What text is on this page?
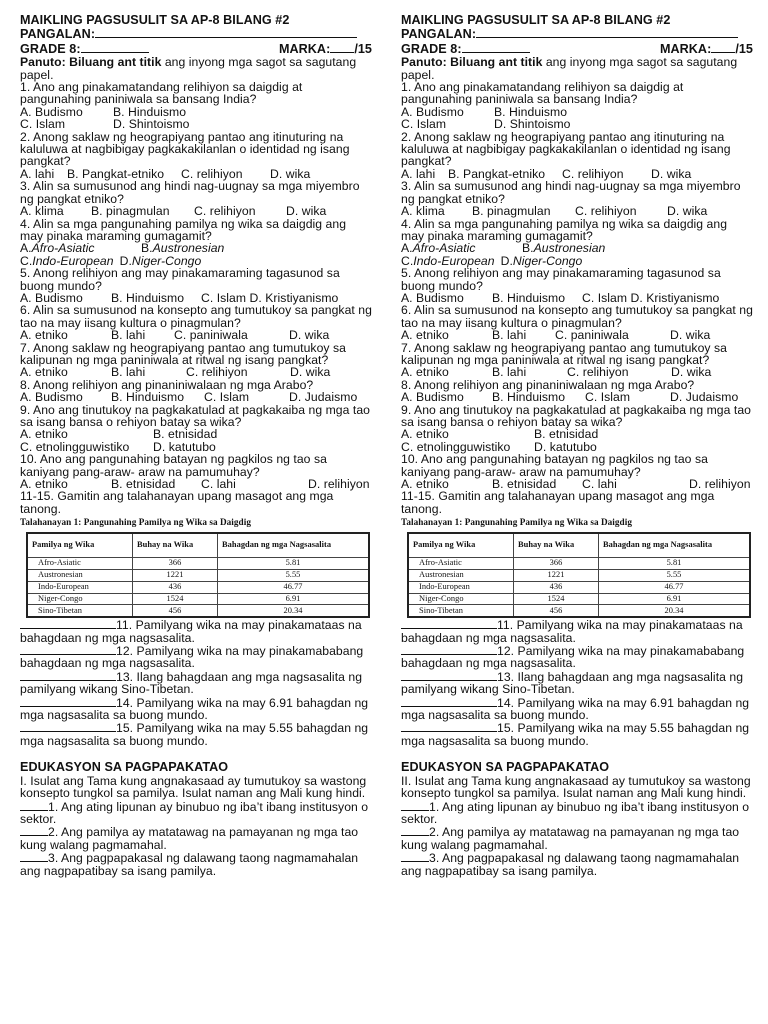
MAIKLING PAGSUSULIT SA AP-8 BILANG #2
PANGALAN:
GRADE 8:	MARKA: /15
Panuto: Biluang ant titik ang inyong mga sagot sa sagutang papel.
1. Ano ang pinakamatandang relihiyon sa daigdig at pangunahing paniniwala sa bansang India?
A. Budismo	B. Hinduismo
C. Islam	D. Shintoismo
2. Anong saklaw ng heograpiyang pantao ang itinuturing na kaluluwa at nagbibigay pagkakakilanlan o identidad ng isang pangkat?
A. lahi	B. Pangkat-etniko	C. relihiyon	D. wika
3. Alin sa sumusunod ang hindi nag-uugnay sa mga miyembro ng pangkat etniko?
A. klima	B. pinagmulan	C. relihiyon	D. wika
4. Alin sa mga pangunahing pamilya ng wika sa daigdig ang may pinaka maraming gumagamit?
A.Afro-Asiatic	B.Austronesian
C.Indo-European D.Niger-Congo
5. Anong relihiyon ang may pinakamaraming tagasunod sa buong mundo?
A. Budismo	B. Hinduismo	C. Islam D. Kristiyanismo
6. Alin sa sumusunod na konsepto ang tumutukoy sa pangkat ng tao na may iisang kultura o pinagmulan?
A. etniko	B. lahi	C. paniniwala	D. wika
7. Anong saklaw ng heograpiyang pantao ang tumutukoy sa kalipunan ng mga paniniwala at ritwal ng isang pangkat?
A. etniko	B. lahi	C. relihiyon	D. wika
8. Anong relihiyon ang pinaniniwalaan ng mga Arabo?
A. Budismo	B. Hinduismo	C. Islam	D. Judaismo
9. Ano ang tinutukoy na pagkakatulad at pagkakaiba ng mga tao sa isang bansa o rehiyon batay sa wika?
A. etniko	B. etnisidad
C. etnolingguwistiko	D. katutubo
10. Ano ang pangunahing batayan ng pagkilos ng tao sa kaniyang pang-araw- araw na pamumuhay?
A. etniko	B. etnisidad	C. lahi	D. relihiyon
11-15. Gamitin ang talahanayan upang masagot ang mga tanong.
Talahanayan 1: Pangunahing Pamilya ng Wika sa Daigdig
Pamilya ng Wika	Buhay na Wika	Bahagdan ng mga Nagsasalita
Afro-Asiatic	366	5.81
Austronesian	1221	5.55
Indo-European	436	46.77
Niger-Congo	1524	6.91
Sino-Tibetan	456	20.34
11. Pamilyang wika na may pinakamataas na bahagdaan ng mga nagsasalita.
12. Pamilyang wika na may pinakamababang bahagdaan ng mga nagsasalita.
13. Ilang bahagdaan ang mga nagsasalita ng pamilyang wikang Sino-Tibetan.
14. Pamilyang wika na may 6.91 bahagdan ng mga nagsasalita sa buong mundo.
15. Pamilyang wika na may 5.55 bahagdan ng mga nagsasalita sa buong mundo.
EDUKASYON SA PAGPAPAKATAO
I. Isulat ang Tama kung angnakasaad ay tumutukoy sa wastong konsepto tungkol sa pamilya. Isulat naman ang Mali kung hindi.
1. Ang ating lipunan ay binubuo ng iba’t ibang institusyon o sektor.
2. Ang pamilya ay matatawag na pamayanan ng mga tao kung walang pagmamahal.
3. Ang pagpapakasal ng dalawang taong nagmamahalan ang nagpapatibay sa isang pamilya.
MAIKLING PAGSUSULIT SA AP-8 BILANG #2
PANGALAN:
GRADE 8:	MARKA: /15
Panuto: Biluang ant titik ang inyong mga sagot sa sagutang papel.
1. Ano ang pinakamatandang relihiyon sa daigdig at pangunahing paniniwala sa bansang India?
A. Budismo	B. Hinduismo
C. Islam	D. Shintoismo
2. Anong saklaw ng heograpiyang pantao ang itinuturing na kaluluwa at nagbibigay pagkakakilanlan o identidad ng isang pangkat?
A. lahi	B. Pangkat-etniko	C. relihiyon	D. wika
3. Alin sa sumusunod ang hindi nag-uugnay sa mga miyembro ng pangkat etniko?
A. klima	B. pinagmulan	C. relihiyon	D. wika
4. Alin sa mga pangunahing pamilya ng wika sa daigdig ang may pinaka maraming gumagamit?
A.Afro-Asiatic	B.Austronesian
C.Indo-European D.Niger-Congo
5. Anong relihiyon ang may pinakamaraming tagasunod sa buong mundo?
A. Budismo	B. Hinduismo	C. Islam D. Kristiyanismo
6. Alin sa sumusunod na konsepto ang tumutukoy sa pangkat ng tao na may iisang kultura o pinagmulan?
A. etniko	B. lahi	C. paniniwala	D. wika
7. Anong saklaw ng heograpiyang pantao ang tumutukoy sa kalipunan ng mga paniniwala at ritwal ng isang pangkat?
A. etniko	B. lahi	C. relihiyon	D. wika
8. Anong relihiyon ang pinaniniwalaan ng mga Arabo?
A. Budismo	B. Hinduismo	C. Islam	D. Judaismo
9. Ano ang tinutukoy na pagkakatulad at pagkakaiba ng mga tao sa isang bansa o rehiyon batay sa wika?
A. etniko	B. etnisidad
C. etnolingguwistiko	D. katutubo
10. Ano ang pangunahing batayan ng pagkilos ng tao sa kaniyang pang-araw- araw na pamumuhay?
A. etniko	B. etnisidad	C. lahi	D. relihiyon
11-15. Gamitin ang talahanayan upang masagot ang mga tanong.
Talahanayan 1: Pangunahing Pamilya ng Wika sa Daigdig
Pamilya ng Wika	Buhay na Wika	Bahagdan ng mga Nagsasalita
Afro-Asiatic	366	5.81
Austronesian	1221	5.55
Indo-European	436	46.77
Niger-Congo	1524	6.91
Sino-Tibetan	456	20.34
11. Pamilyang wika na may pinakamataas na bahagdaan ng mga nagsasalita.
12. Pamilyang wika na may pinakamababang bahagdaan ng mga nagsasalita.
13. Ilang bahagdaan ang mga nagsasalita ng pamilyang wikang Sino-Tibetan.
14. Pamilyang wika na may 6.91 bahagdan ng mga nagsasalita sa buong mundo.
15. Pamilyang wika na may 5.55 bahagdan ng mga nagsasalita sa buong mundo.
EDUKASYON SA PAGPAPAKATAO
II. Isulat ang Tama kung angnakasaad ay tumutukoy sa wastong konsepto tungkol sa pamilya. Isulat naman ang Mali kung hindi.
1. Ang ating lipunan ay binubuo ng iba’t ibang institusyon o sektor.
2. Ang pamilya ay matatawag na pamayanan ng mga tao kung walang pagmamahal.
3. Ang pagpapakasal ng dalawang taong nagmamahalan ang nagpapatibay sa isang pamilya.
